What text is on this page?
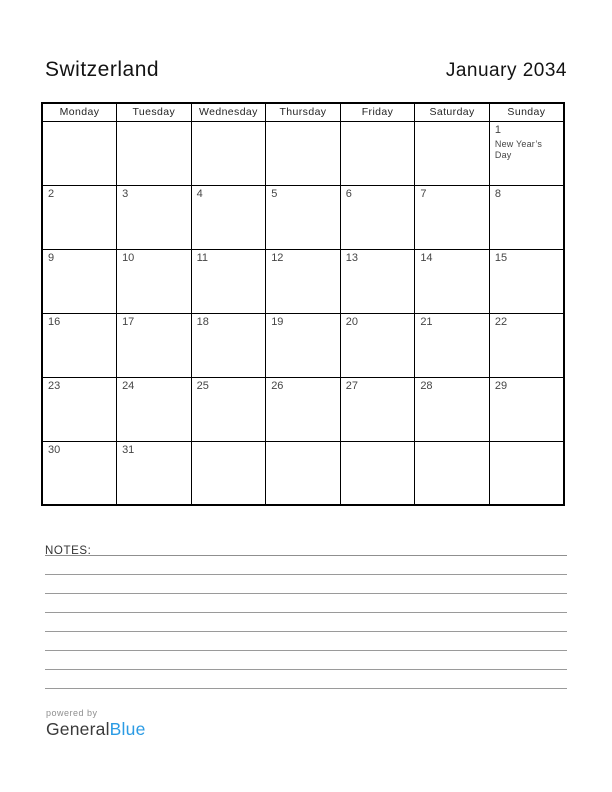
Switzerland	January 2034
Monday	Tuesday	Wednesday	Thursday	Friday	Saturday	Sunday

						1
New Year’s Day

2	3	4	5	6	7	8

9	10	11	12	13	14	15

16	17	18	19	20	21	22

23	24	25	26	27	28	29

30	31					

NOTES:
powered by
GeneralBlue
